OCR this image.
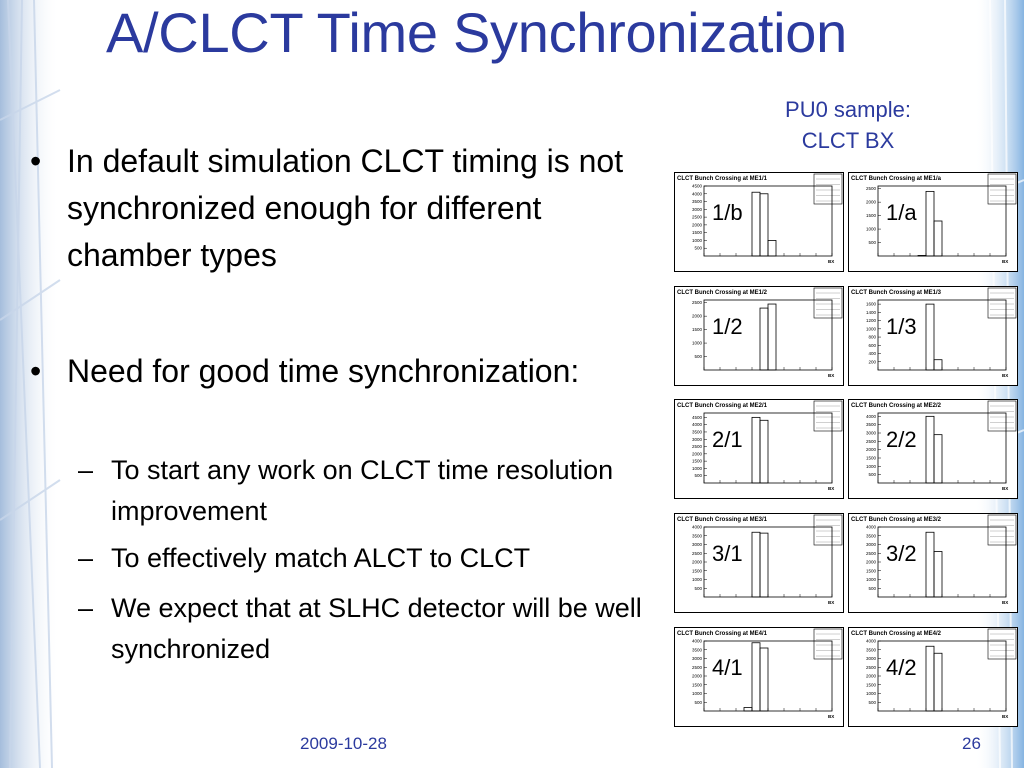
A/CLCT Time Synchronization
• In default simulation CLCT timing is not synchronized enough for different chamber types
• Need for good time synchronization:
– To start any work on CLCT time resolution improvement
– To effectively match ALCT to CLCT
– We expect that at SLHC detector will be well synchronized
PU0 sample:
CLCT BX
CLCT Bunch Crossing at ME1/1
500
1000
1500
2000
2500
3000
3500
4000
4500
BX
1/b
CLCT Bunch Crossing at ME1/a
500
1000
1500
2000
2500
BX
1/a
CLCT Bunch Crossing at ME1/2
500
1000
1500
2000
2500
BX
1/2
CLCT Bunch Crossing at ME1/3
200
400
600
800
1000
1200
1400
1600
BX
1/3
CLCT Bunch Crossing at ME2/1
500
1000
1500
2000
2500
3000
3500
4000
4500
BX
2/1
CLCT Bunch Crossing at ME2/2
500
1000
1500
2000
2500
3000
3500
4000
BX
2/2
CLCT Bunch Crossing at ME3/1
500
1000
1500
2000
2500
3000
3500
4000
BX
3/1
CLCT Bunch Crossing at ME3/2
500
1000
1500
2000
2500
3000
3500
4000
BX
3/2
CLCT Bunch Crossing at ME4/1
500
1000
1500
2000
2500
3000
3500
4000
BX
4/1
CLCT Bunch Crossing at ME4/2
500
1000
1500
2000
2500
3000
3500
4000
BX
4/2
2009-10-28	26
